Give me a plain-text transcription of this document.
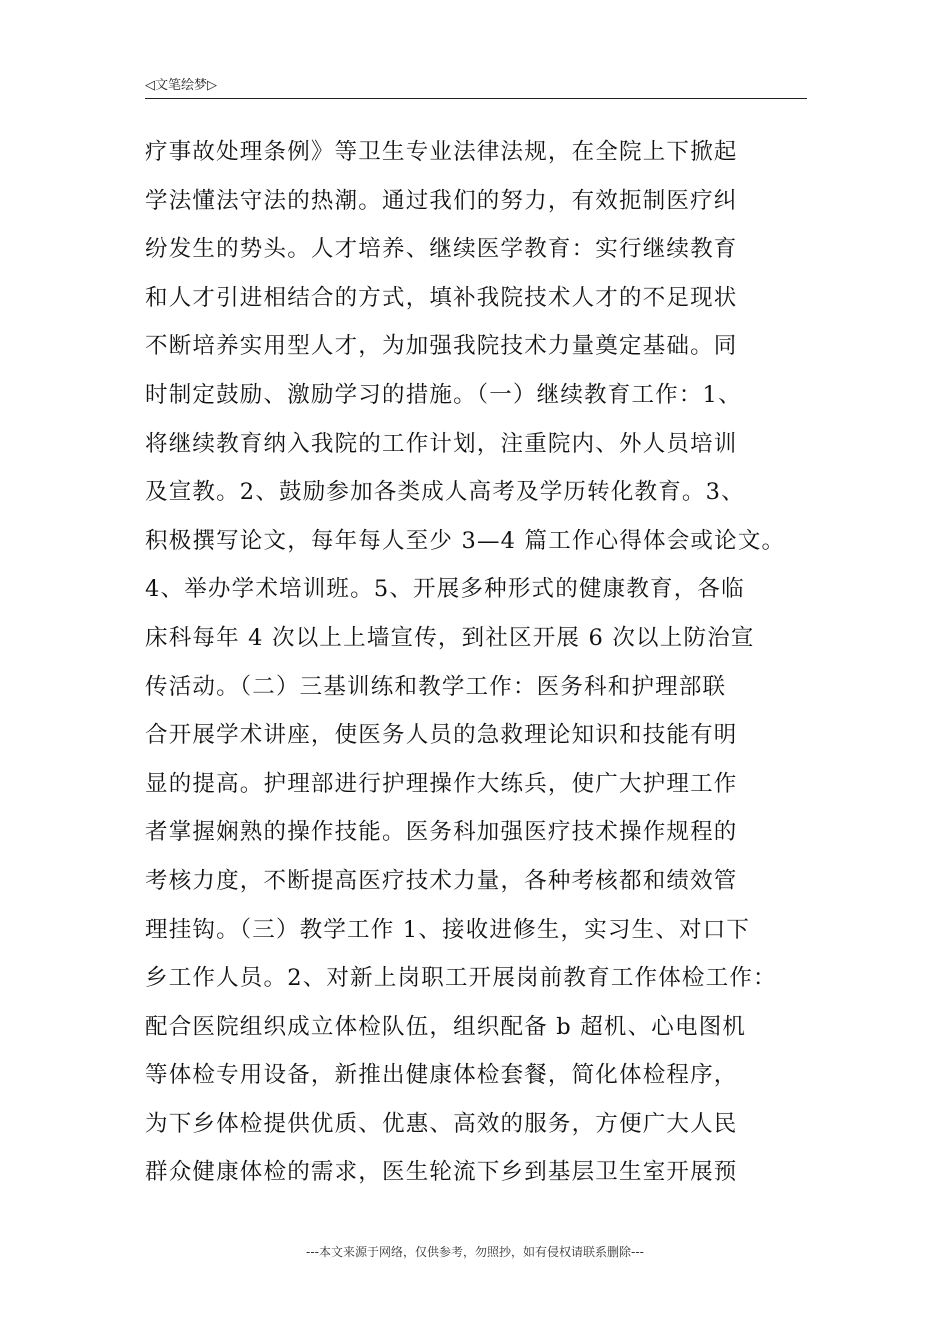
◁文笔绘梦▷
疗事故处理条例》等卫生专业法律法规，在全院上下掀起
学法懂法守法的热潮。通过我们的努力，有效扼制医疗纠
纷发生的势头。人才培养、继续医学教育：实行继续教育
和人才引进相结合的方式，填补我院技术人才的不足现状
不断培养实用型人才，为加强我院技术力量奠定基础。同
时制定鼓励、激励学习的措施。（一）继续教育工作：1、
将继续教育纳入我院的工作计划，注重院内、外人员培训
及宣教。2、鼓励参加各类成人高考及学历转化教育。3、
积极撰写论文，每年每人至少 3—4 篇工作心得体会或论文。
4、举办学术培训班。5、开展多种形式的健康教育，各临
床科每年 4 次以上上墙宣传，到社区开展 6 次以上防治宣
传活动。（二）三基训练和教学工作：医务科和护理部联
合开展学术讲座，使医务人员的急救理论知识和技能有明
显的提高。护理部进行护理操作大练兵，使广大护理工作
者掌握娴熟的操作技能。医务科加强医疗技术操作规程的
考核力度，不断提高医疗技术力量，各种考核都和绩效管
理挂钩。（三）教学工作 1、接收进修生，实习生、对口下
乡工作人员。2、对新上岗职工开展岗前教育工作体检工作：
配合医院组织成立体检队伍，组织配备 b 超机、心电图机
等体检专用设备，新推出健康体检套餐，简化体检程序，
为下乡体检提供优质、优惠、高效的服务，方便广大人民
群众健康体检的需求，医生轮流下乡到基层卫生室开展预
---本文来源于网络，仅供参考，勿照抄，如有侵权请联系删除---
